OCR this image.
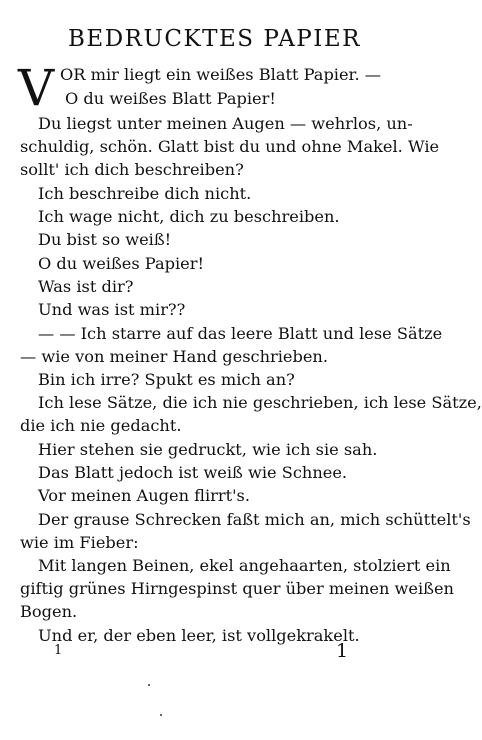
BEDRUCKTES PAPIER
V OR mir liegt ein weißes Blatt Papier. —
O du weißes Blatt Papier!
Du liegst unter meinen Augen — wehrlos, un-
schuldig, schön. Glatt bist du und ohne Makel. Wie
sollt' ich dich beschreiben?
Ich beschreibe dich nicht.
Ich wage nicht, dich zu beschreiben.
Du bist so weiß!
O du weißes Papier!
Was ist dir?
Und was ist mir??
— — Ich starre auf das leere Blatt und lese Sätze
— wie von meiner Hand geschrieben.
Bin ich irre? Spukt es mich an?
Ich lese Sätze, die ich nie geschrieben, ich lese Sätze,
die ich nie gedacht.
Hier stehen sie gedruckt, wie ich sie sah.
Das Blatt jedoch ist weiß wie Schnee.
Vor meinen Augen flirrt's.
Der grause Schrecken faßt mich an, mich schüttelt's
wie im Fieber:
Mit langen Beinen, ekel angehaarten, stolziert ein
giftig grünes Hirngespinst quer über meinen weißen
Bogen.
Und er, der eben leer, ist vollgekrakelt.
1	1
